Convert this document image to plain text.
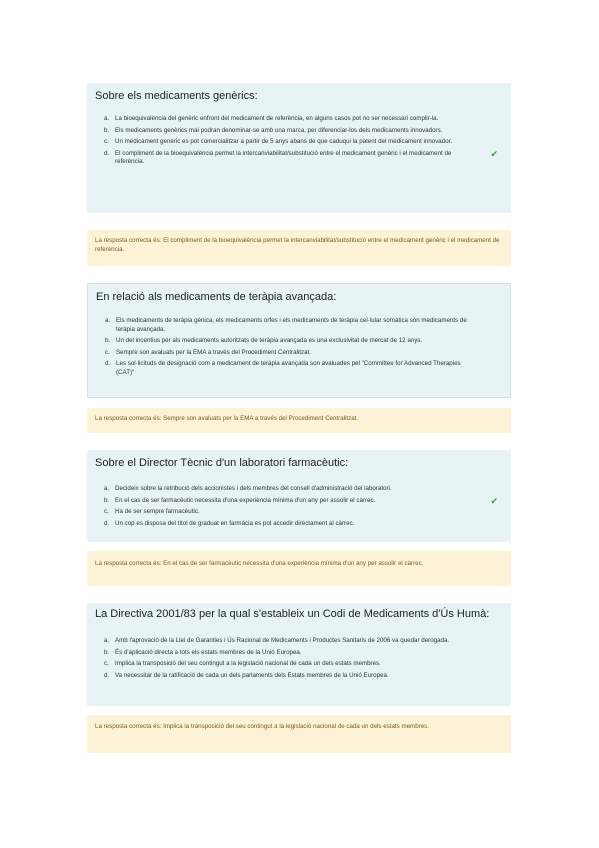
Sobre els medicaments genèrics:
a. La bioequivalència del genèric enfront del medicament de referència, en alguns casos pot no ser necessari complir-la.
b. Els medicaments genèrics mai podran denominar-se amb una marca, per diferenciar-los dels medicaments innovadors.
c. Un medicament genèric es pot comercialitzar a partir de 5 anys abans de que caduqui la patent del medicament innovador.
d. El compliment de la bioequivalència permet la intercanviabilitat/substitució entre el medicament genèric i el medicament de referència.
✔
La resposta correcta és: El compliment de la bioequivalència permet la intercanviabilitat/substitució entre el medicament genèric i el medicament de referència.
En relació als medicaments de teràpia avançada:
a. Els medicaments de teràpia gènica, els medicaments orfes i els medicaments de teràpia cel·lular somàtica són medicaments de teràpia avançada.
b. Un del incentius per als medicaments autoritzats de teràpia avançada es una exclusivitat de mercat de 12 anys.
c. Sempre son avaluats per la EMA a través del Procediment Centralitzat.
d. Les sol·licituds de designació com a medicament de teràpia avançada son avaluades pel "Committee for Advanced Therapies (CAT)"
La resposta correcta és: Sempre son avaluats per la EMA a través del Procediment Centralitzat.
Sobre el Director Tècnic d'un laboratori farmacèutic:
a. Decideix sobre la retribució dels accionistes i dels membres del consell d'administració del laboratori.
b. En el cas de ser farmacèutic necessita d'una experiència mínima d'un any per assolir el càrrec.	✔
c. Ha de ser sempre farmacèutic.
d. Un cop es disposa del títol de graduat en farmàcia es pot accedir directament al càrrec.
La resposta correcta és: En el cas de ser farmacèutic necessita d'una experiència mínima d'un any per assolir el càrrec.
La Directiva 2001/83 per la qual s'estableix un Codi de Medicaments d'Ús Humà:
a. Amb l'aprovació de la Llei de Garanties i Ús Racional de Medicaments i Productes Sanitaris de 2006 va quedar derogada.
b. És d'aplicació directa a tots els estats membres de la Unió Europea.
c. Implica la transposició del seu contingut a la legislació nacional de cada un dels estats membres.
d. Va necessitar de la ratificació de cada un dels parlaments dels Estats membres de la Unió Europea.
La resposta correcta és: Implica la transposició del seu contingut a la legislació nacional de cada un dels estats membres.
